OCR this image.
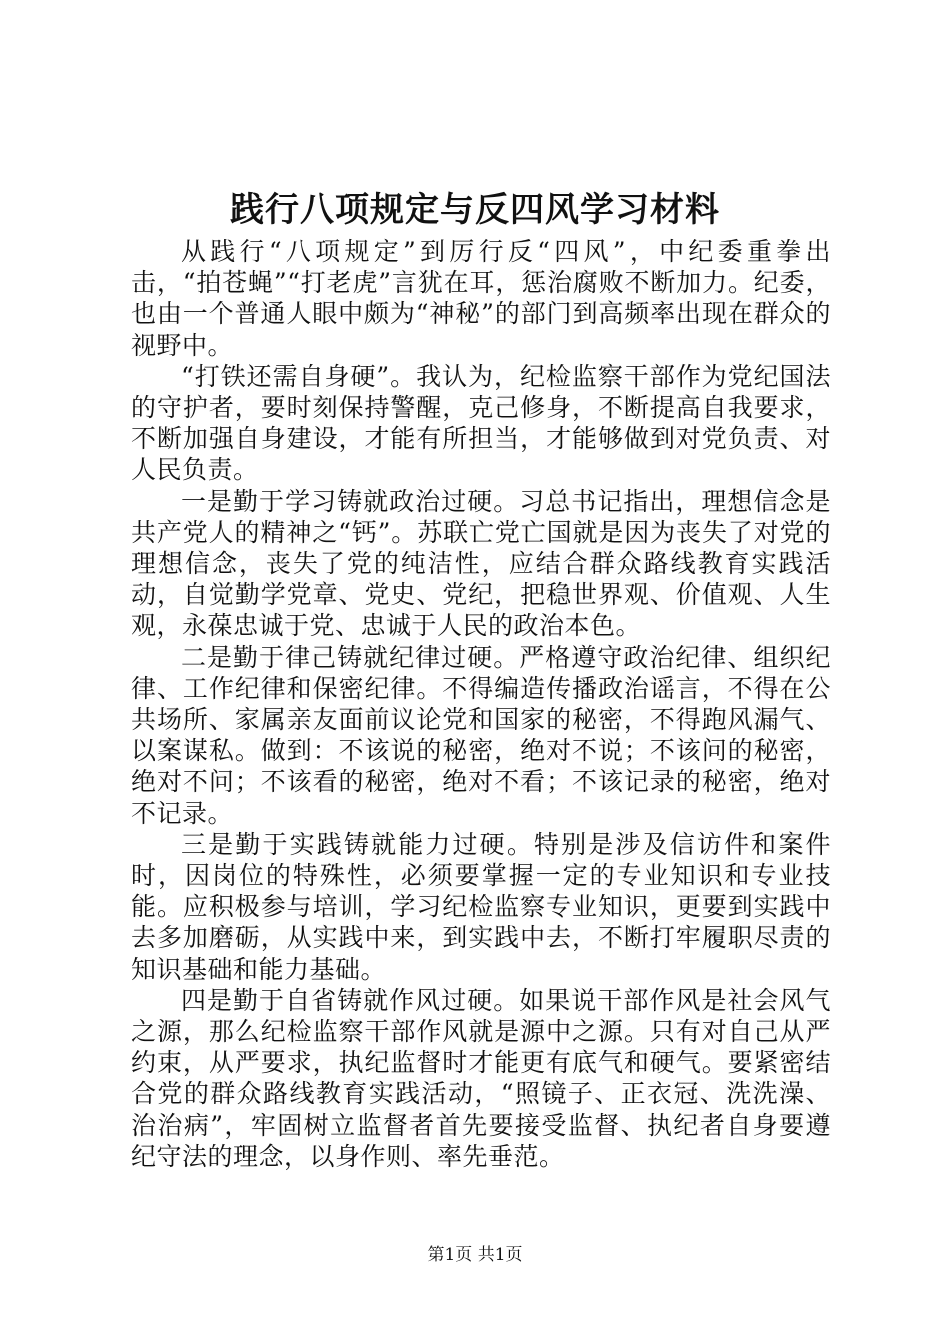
践行八项规定与反四风学习材料

从践行“八项规定”到厉行反“四风”，中纪委重拳出击，“拍苍蝇”“打老虎”言犹在耳，惩治腐败不断加力。纪委，也由一个普通人眼中颇为“神秘”的部门到高频率出现在群众的视野中。

“打铁还需自身硬”。我认为，纪检监察干部作为党纪国法的守护者，要时刻保持警醒，克己修身，不断提高自我要求，不断加强自身建设，才能有所担当，才能够做到对党负责、对人民负责。

一是勤于学习铸就政治过硬。习总书记指出，理想信念是共产党人的精神之“钙”。苏联亡党亡国就是因为丧失了对党的理想信念，丧失了党的纯洁性，应结合群众路线教育实践活动，自觉勤学党章、党史、党纪，把稳世界观、价值观、人生观，永葆忠诚于党、忠诚于人民的政治本色。

二是勤于律己铸就纪律过硬。严格遵守政治纪律、组织纪律、工作纪律和保密纪律。不得编造传播政治谣言，不得在公共场所、家属亲友面前议论党和国家的秘密，不得跑风漏气、以案谋私。做到：不该说的秘密，绝对不说；不该问的秘密，绝对不问；不该看的秘密，绝对不看；不该记录的秘密，绝对不记录。

三是勤于实践铸就能力过硬。特别是涉及信访件和案件时，因岗位的特殊性，必须要掌握一定的专业知识和专业技能。应积极参与培训，学习纪检监察专业知识，更要到实践中去多加磨砺，从实践中来，到实践中去，不断打牢履职尽责的知识基础和能力基础。

四是勤于自省铸就作风过硬。如果说干部作风是社会风气之源，那么纪检监察干部作风就是源中之源。只有对自己从严约束，从严要求，执纪监督时才能更有底气和硬气。要紧密结合党的群众路线教育实践活动，“照镜子、正衣冠、洗洗澡、治治病”，牢固树立监督者首先要接受监督、执纪者自身要遵纪守法的理念，以身作则、率先垂范。

第1页 共1页
